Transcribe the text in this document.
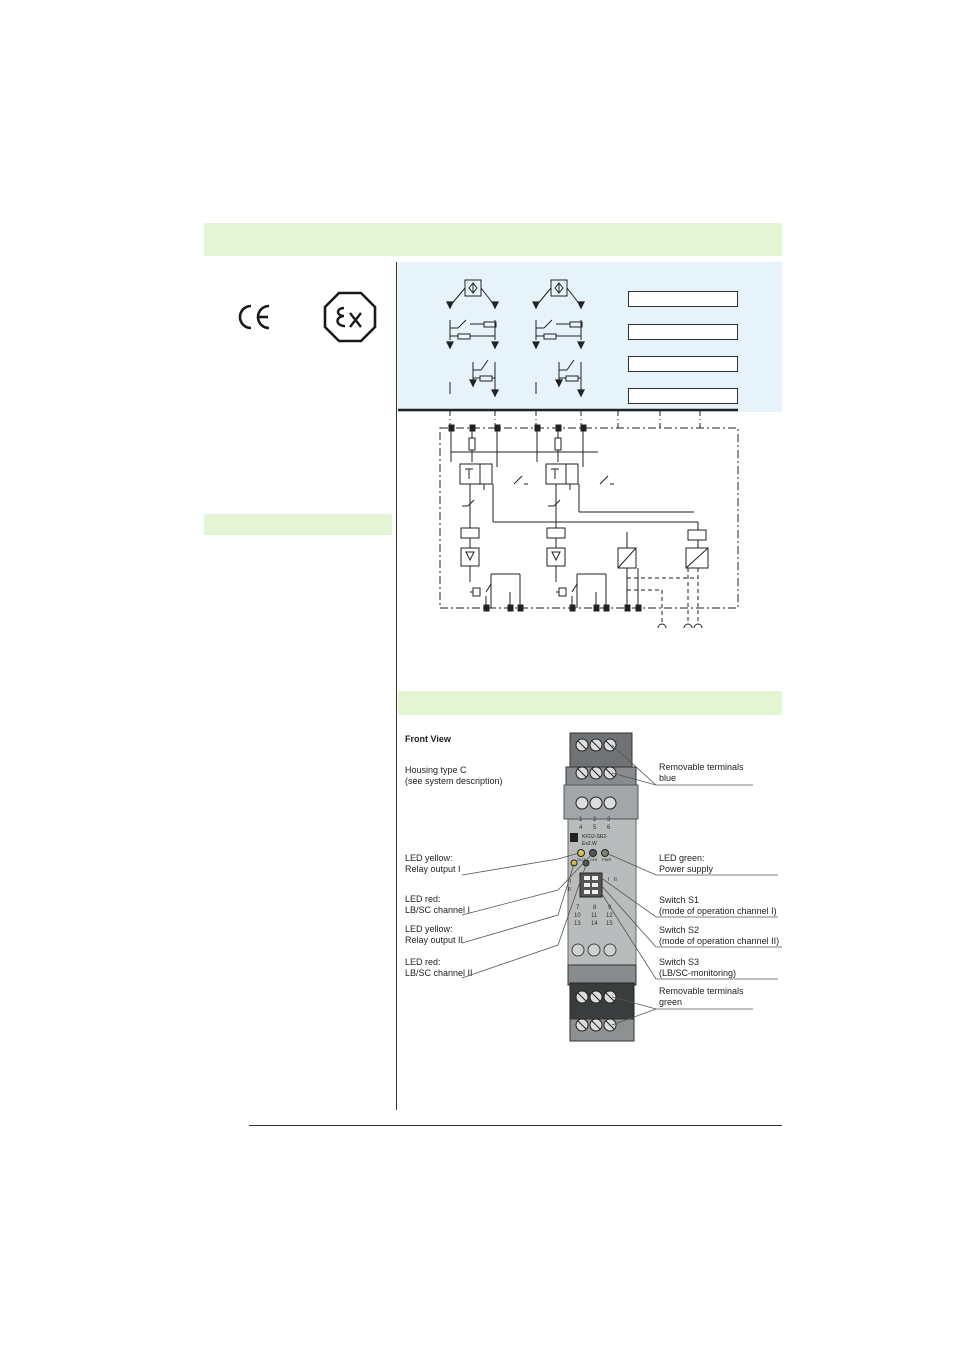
Front View
Housing type C
(see system description)
LED yellow:
Relay output I
LED red:
LB/SC channel I
LED yellow:
Relay output II
LED red:
LB/SC channel II
Removable terminals
blue
LED green:
Power supply
Switch S1
(mode of operation channel I)
Switch S2
(mode of operation channel II)
Switch S3
(LB/SC-monitoring)
Removable terminals
green
1 2 3
4 5 6
KFD2-SR2-
Ex2.W
OUT CHI PWR
I
II
I II
7 8 9
10 11 12
13 14 15
